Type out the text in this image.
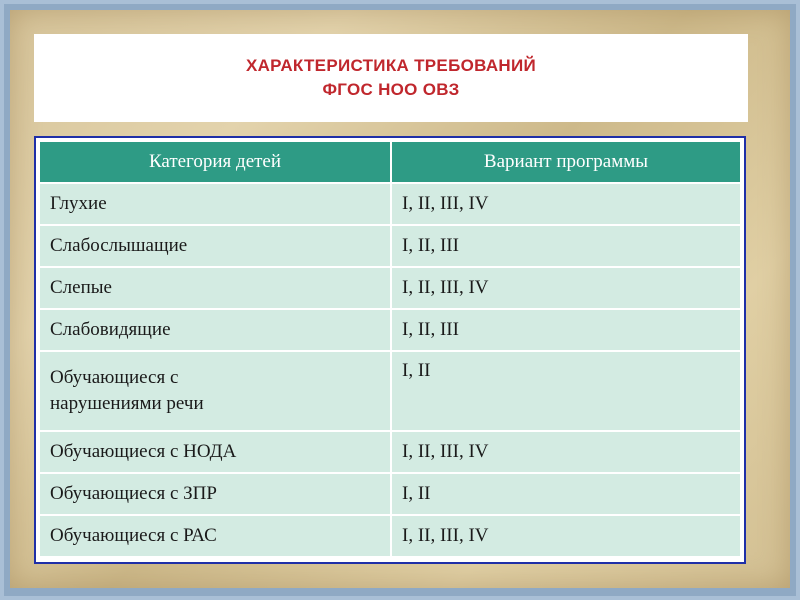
ХАРАКТЕРИСТИКА ТРЕБОВАНИЙ
ФГОС НОО ОВЗ
Категория детей	Вариант программы
Глухие	I, II, III, IV
Слабослышащие	I, II, III
Слепые	I, II, III, IV
Слабовидящие	I, II, III

Обучающиеся с
нарушениями речи	I, II
Обучающиеся с НОДА	I, II, III, IV
Обучающиеся с ЗПР	I, II
Обучающиеся с РАС	I, II, III, IV
